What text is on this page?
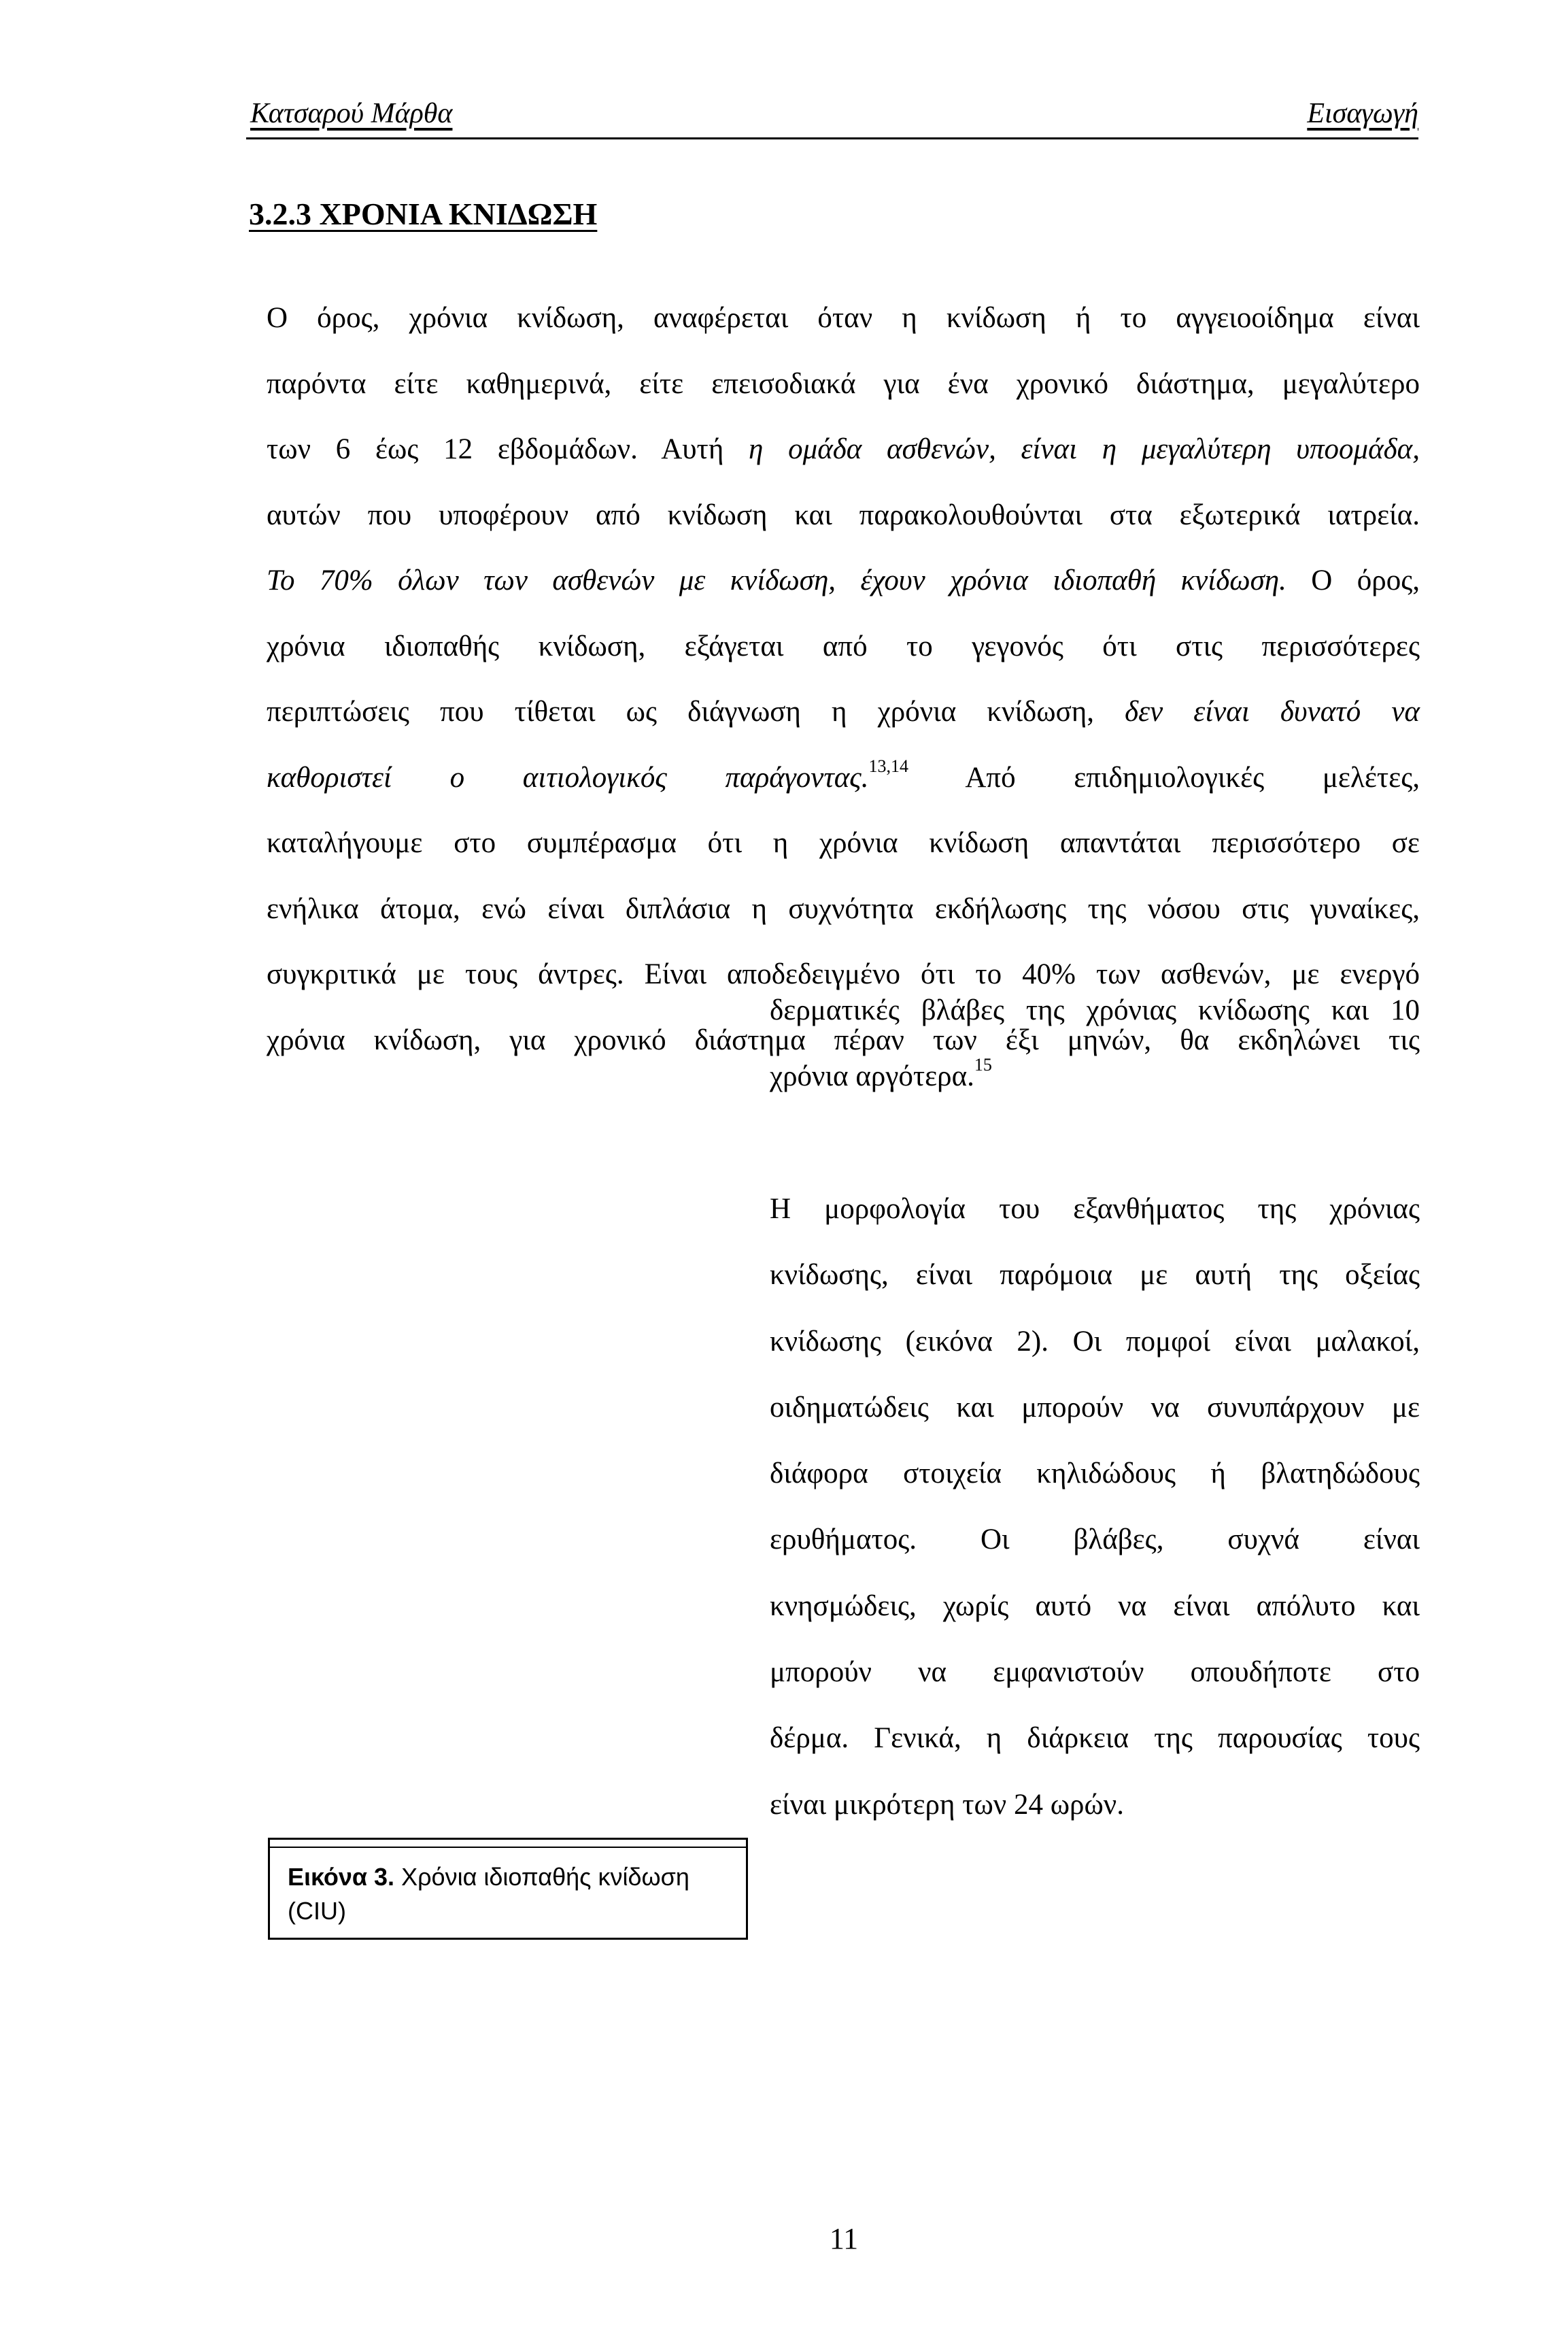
Κατσαρού Μάρθα	Εισαγωγή
3.2.3 ΧΡΟΝΙΑ ΚΝΙΔΩΣΗ
Ο όρος, χρόνια κνίδωση, αναφέρεται όταν η κνίδωση ή το αγγειοοίδημα είναι
παρόντα είτε καθημερινά, είτε επεισοδιακά για ένα χρονικό διάστημα, μεγαλύτερο
των 6 έως 12 εβδομάδων. Αυτή η ομάδα ασθενών, είναι η μεγαλύτερη υποομάδα,
αυτών που υποφέρουν από κνίδωση και παρακολουθούνται στα εξωτερικά ιατρεία.
Το 70% όλων των ασθενών με κνίδωση, έχουν χρόνια ιδιοπαθή κνίδωση. Ο όρος,
χρόνια ιδιοπαθής κνίδωση, εξάγεται από το γεγονός ότι στις περισσότερες
περιπτώσεις που τίθεται ως διάγνωση η χρόνια κνίδωση, δεν είναι δυνατό να
καθοριστεί ο αιτιολογικός παράγοντας.$^{13,14}$ Από επιδημιολογικές μελέτες,
καταλήγουμε στο συμπέρασμα ότι η χρόνια κνίδωση απαντάται περισσότερο σε
ενήλικα άτομα, ενώ είναι διπλάσια η συχνότητα εκδήλωσης της νόσου στις γυναίκες,
συγκριτικά με τους άντρες. Είναι αποδεδειγμένο ότι το 40% των ασθενών, με ενεργό
χρόνια κνίδωση, για χρονικό διάστημα πέραν των έξι μηνών, θα εκδηλώνει τις
δερματικές βλάβες της χρόνιας κνίδωσης και 10
χρόνια αργότερα.$^{15}$
Η μορφολογία του εξανθήματος της χρόνιας
κνίδωσης, είναι παρόμοια με αυτή της οξείας
κνίδωσης (εικόνα 2). Οι πομφοί είναι μαλακοί,
οιδηματώδεις και μπορούν να συνυπάρχουν με
διάφορα στοιχεία κηλιδώδους ή βλατηδώδους
ερυθήματος. Οι βλάβες, συχνά είναι
κνησμώδεις, χωρίς αυτό να είναι απόλυτο και
μπορούν να εμφανιστούν οπουδήποτε στο
δέρμα. Γενικά, η διάρκεια της παρουσίας τους
είναι μικρότερη των 24 ωρών.
Εικόνα 3. Χρόνια ιδιοπαθής κνίδωση
(CIU)
11
